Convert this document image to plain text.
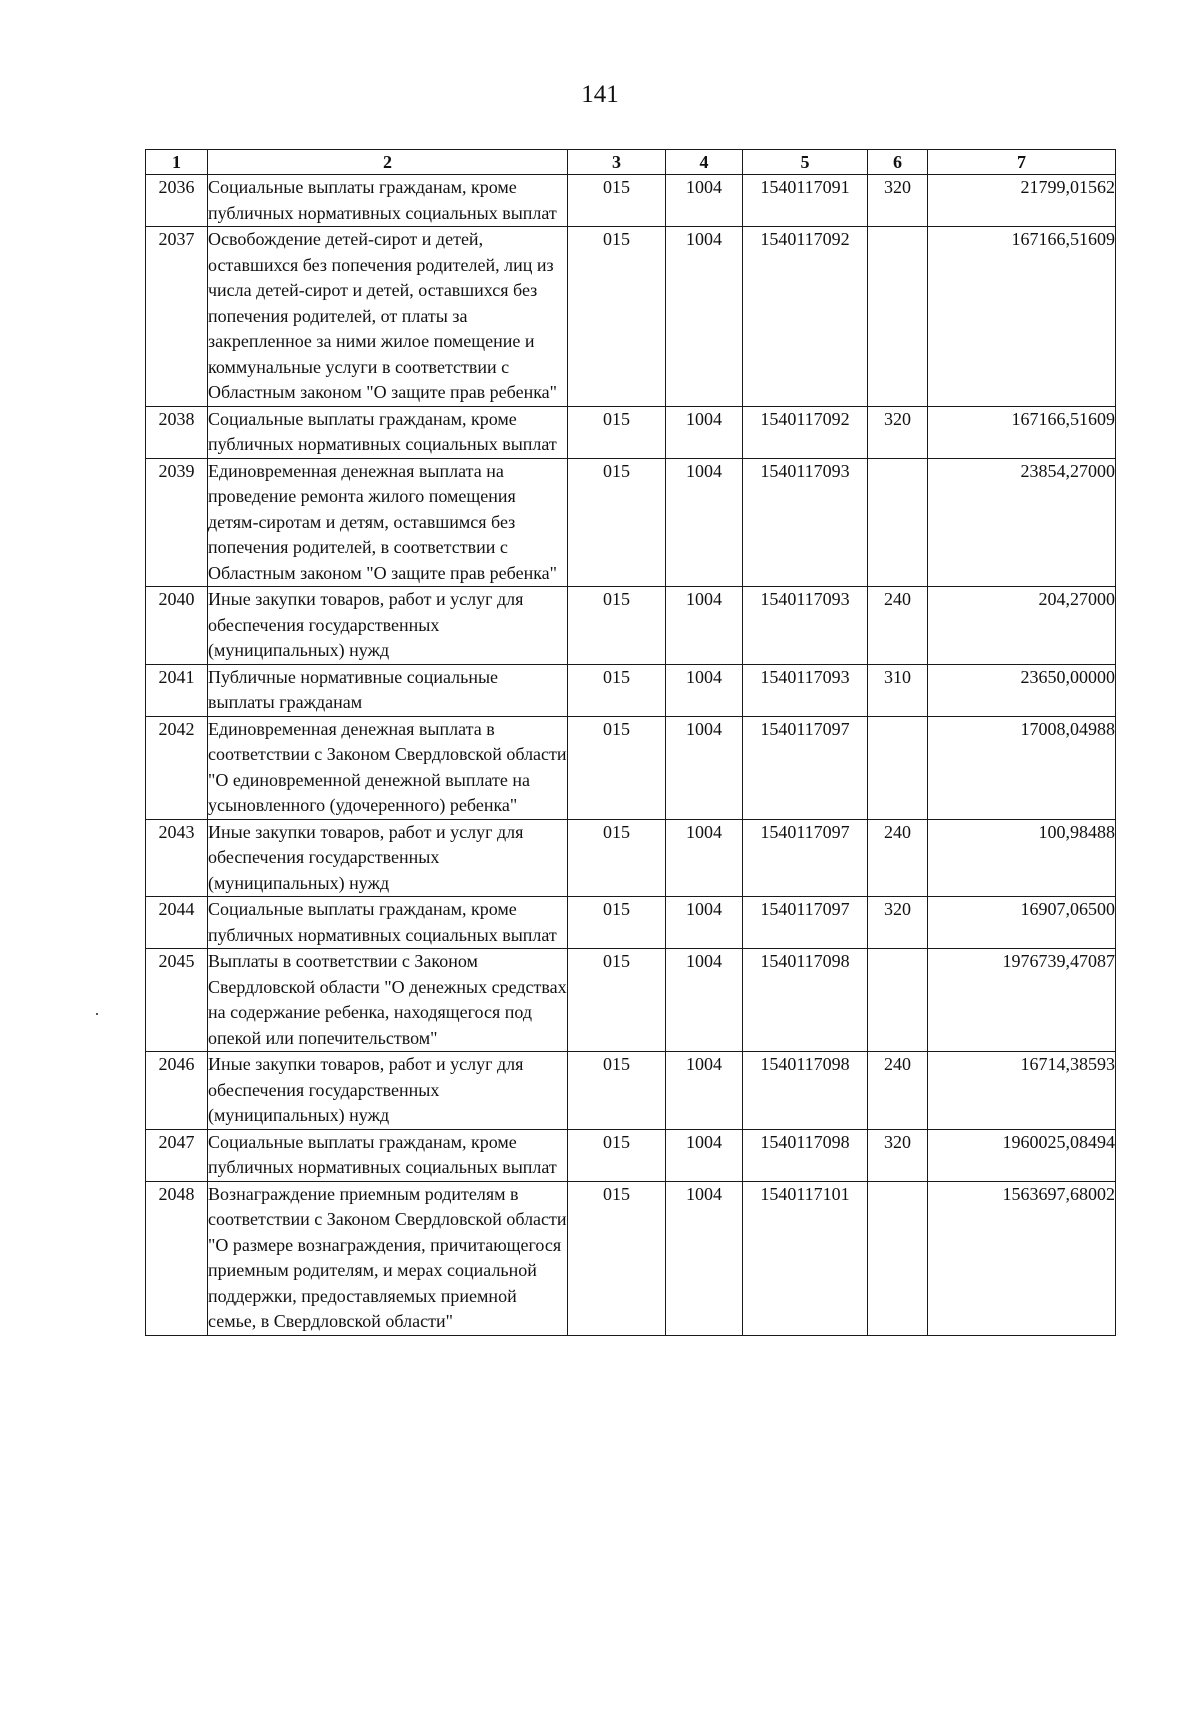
141
1	2	3	4	5	6	7
2036	Социальные выплаты гражданам, кроме публичных нормативных социальных выплат	015	1004	1540117091	320	21799,01562
2037	Освобождение детей-сирот и детей, оставшихся без попечения родителей, лиц из числа детей-сирот и детей, оставшихся без попечения родителей, от платы за закрепленное за ними жилое помещение и коммунальные услуги в соответствии с Областным законом "О защите прав ребенка"	015	1004	1540117092		167166,51609
2038	Социальные выплаты гражданам, кроме публичных нормативных социальных выплат	015	1004	1540117092	320	167166,51609
2039	Единовременная денежная выплата на проведение ремонта жилого помещения детям-сиротам и детям, оставшимся без попечения родителей, в соответствии с Областным законом "О защите прав ребенка"	015	1004	1540117093		23854,27000
2040	Иные закупки товаров, работ и услуг для обеспечения государственных (муниципальных) нужд	015	1004	1540117093	240	204,27000
2041	Публичные нормативные социальные выплаты гражданам	015	1004	1540117093	310	23650,00000
2042	Единовременная денежная выплата в соответствии с Законом Свердловской области "О единовременной денежной выплате на усыновленного (удочеренного) ребенка"	015	1004	1540117097		17008,04988
2043	Иные закупки товаров, работ и услуг для обеспечения государственных (муниципальных) нужд	015	1004	1540117097	240	100,98488
2044	Социальные выплаты гражданам, кроме публичных нормативных социальных выплат	015	1004	1540117097	320	16907,06500
2045	Выплаты в соответствии с Законом Свердловской области "О денежных средствах на содержание ребенка, находящегося под опекой или попечительством"	015	1004	1540117098		1976739,47087
2046	Иные закупки товаров, работ и услуг для обеспечения государственных (муниципальных) нужд	015	1004	1540117098	240	16714,38593
2047	Социальные выплаты гражданам, кроме публичных нормативных социальных выплат	015	1004	1540117098	320	1960025,08494
2048	Вознаграждение приемным родителям в соответствии с Законом Свердловской области "О размере вознаграждения, причитающегося приемным родителям, и мерах социальной поддержки, предоставляемых приемной семье, в Свердловской области"	015	1004	1540117101		1563697,68002
